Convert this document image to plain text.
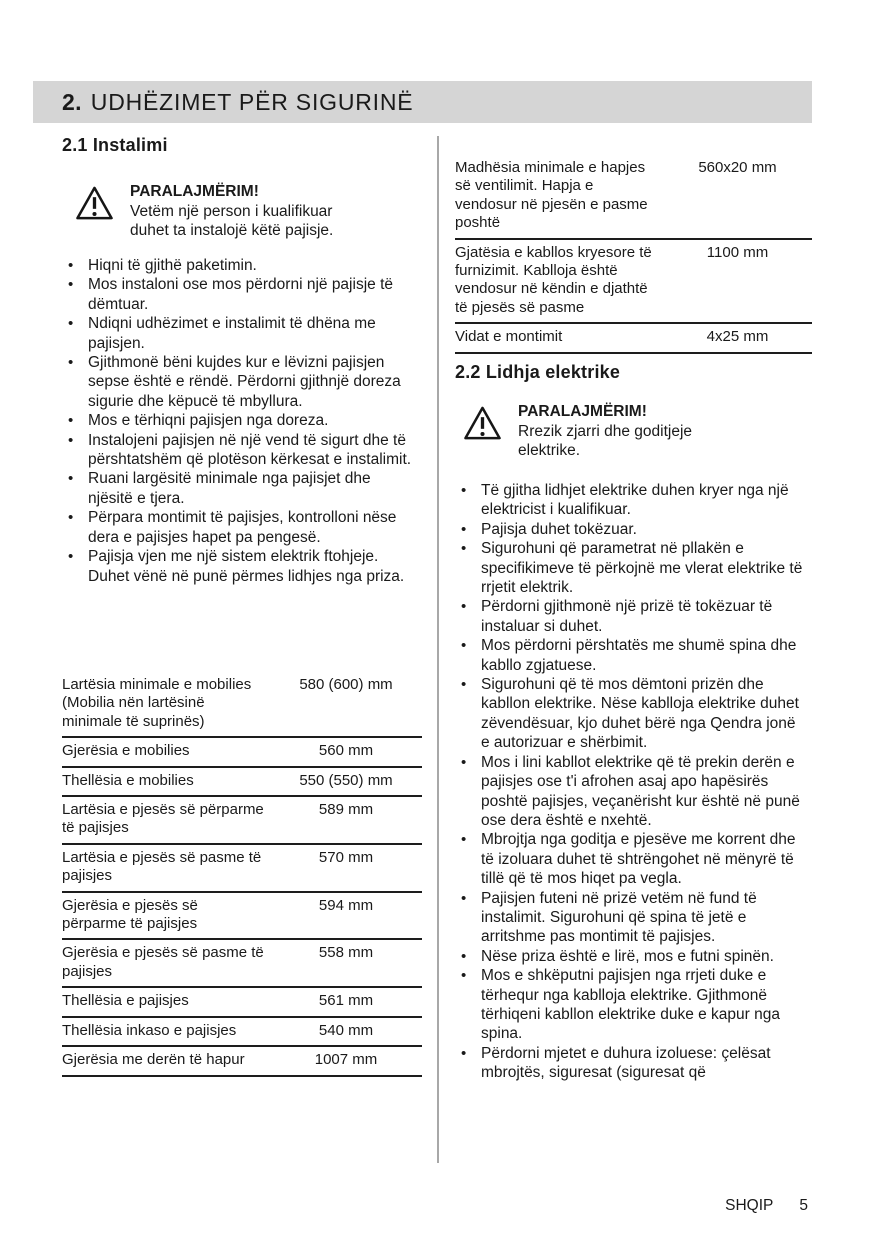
2. UDHËZIMET PËR SIGURINË
2.1 Instalimi
PARALAJMËRIM!
Vetëm një person i kualifikuar duhet ta instalojë këtë pajisje.
• Hiqni të gjithë paketimin.
• Mos instaloni ose mos përdorni një pajisje të dëmtuar.
• Ndiqni udhëzimet e instalimit të dhëna me pajisjen.
• Gjithmonë bëni kujdes kur e lëvizni pajisjen sepse është e rëndë. Përdorni gjithnjë doreza sigurie dhe këpucë të mbyllura.
• Mos e tërhiqni pajisjen nga doreza.
• Instalojeni pajisjen në një vend të sigurt dhe të përshtatshëm që plotëson kërkesat e instalimit.
• Ruani largësitë minimale nga pajisjet dhe njësitë e tjera.
• Përpara montimit të pajisjes, kontrolloni nëse dera e pajisjes hapet pa pengesë.
• Pajisja vjen me një sistem elektrik ftohjeje. Duhet vënë në punë përmes lidhjes nga priza.
Lartësia minimale e mobilies (Mobilia nën lartësinë minimale të suprinës)	580 (600) mm
Gjerësia e mobilies	560 mm
Thellësia e mobilies	550 (550) mm
Lartësia e pjesës së përparme të pajisjes	589 mm
Lartësia e pjesës së pasme të pajisjes	570 mm
Gjerësia e pjesës së përparme të pajisjes	594 mm
Gjerësia e pjesës së pasme të pajisjes	558 mm
Thellësia e pajisjes	561 mm
Thellësia inkaso e pajisjes	540 mm
Gjerësia me derën të hapur	1007 mm
Madhësia minimale e hapjes së ventilimit. Hapja e vendosur në pjesën e pasme poshtë	560x20 mm
Gjatësia e kabllos kryesore të furnizimit. Kablloja është vendosur në këndin e djathtë të pjesës së pasme	1100 mm
Vidat e montimit	4x25 mm
2.2 Lidhja elektrike
PARALAJMËRIM!
Rrezik zjarri dhe goditjeje elektrike.
• Të gjitha lidhjet elektrike duhen kryer nga një elektricist i kualifikuar.
• Pajisja duhet tokëzuar.
• Sigurohuni që parametrat në pllakën e specifikimeve të përkojnë me vlerat elektrike të rrjetit elektrik.
• Përdorni gjithmonë një prizë të tokëzuar të instaluar si duhet.
• Mos përdorni përshtatës me shumë spina dhe kabllo zgjatuese.
• Sigurohuni që të mos dëmtoni prizën dhe kabllon elektrike. Nëse kablloja elektrike duhet zëvendësuar, kjo duhet bërë nga Qendra jonë e autorizuar e shërbimit.
• Mos i lini kabllot elektrike që të prekin derën e pajisjes ose t'i afrohen asaj apo hapësirës poshtë pajisjes, veçanërisht kur është në punë ose dera është e nxehtë.
• Mbrojtja nga goditja e pjesëve me korrent dhe të izoluara duhet të shtrëngohet në mënyrë të tillë që të mos hiqet pa vegla.
• Pajisjen futeni në prizë vetëm në fund të instalimit. Sigurohuni që spina të jetë e arritshme pas montimit të pajisjes.
• Nëse priza është e lirë, mos e futni spinën.
• Mos e shkëputni pajisjen nga rrjeti duke e tërhequr nga kablloja elektrike. Gjithmonë tërhiqeni kabllon elektrike duke e kapur nga spina.
• Përdorni mjetet e duhura izoluese: çelësat mbrojtës, siguresat (siguresat që
SHQIP 5
